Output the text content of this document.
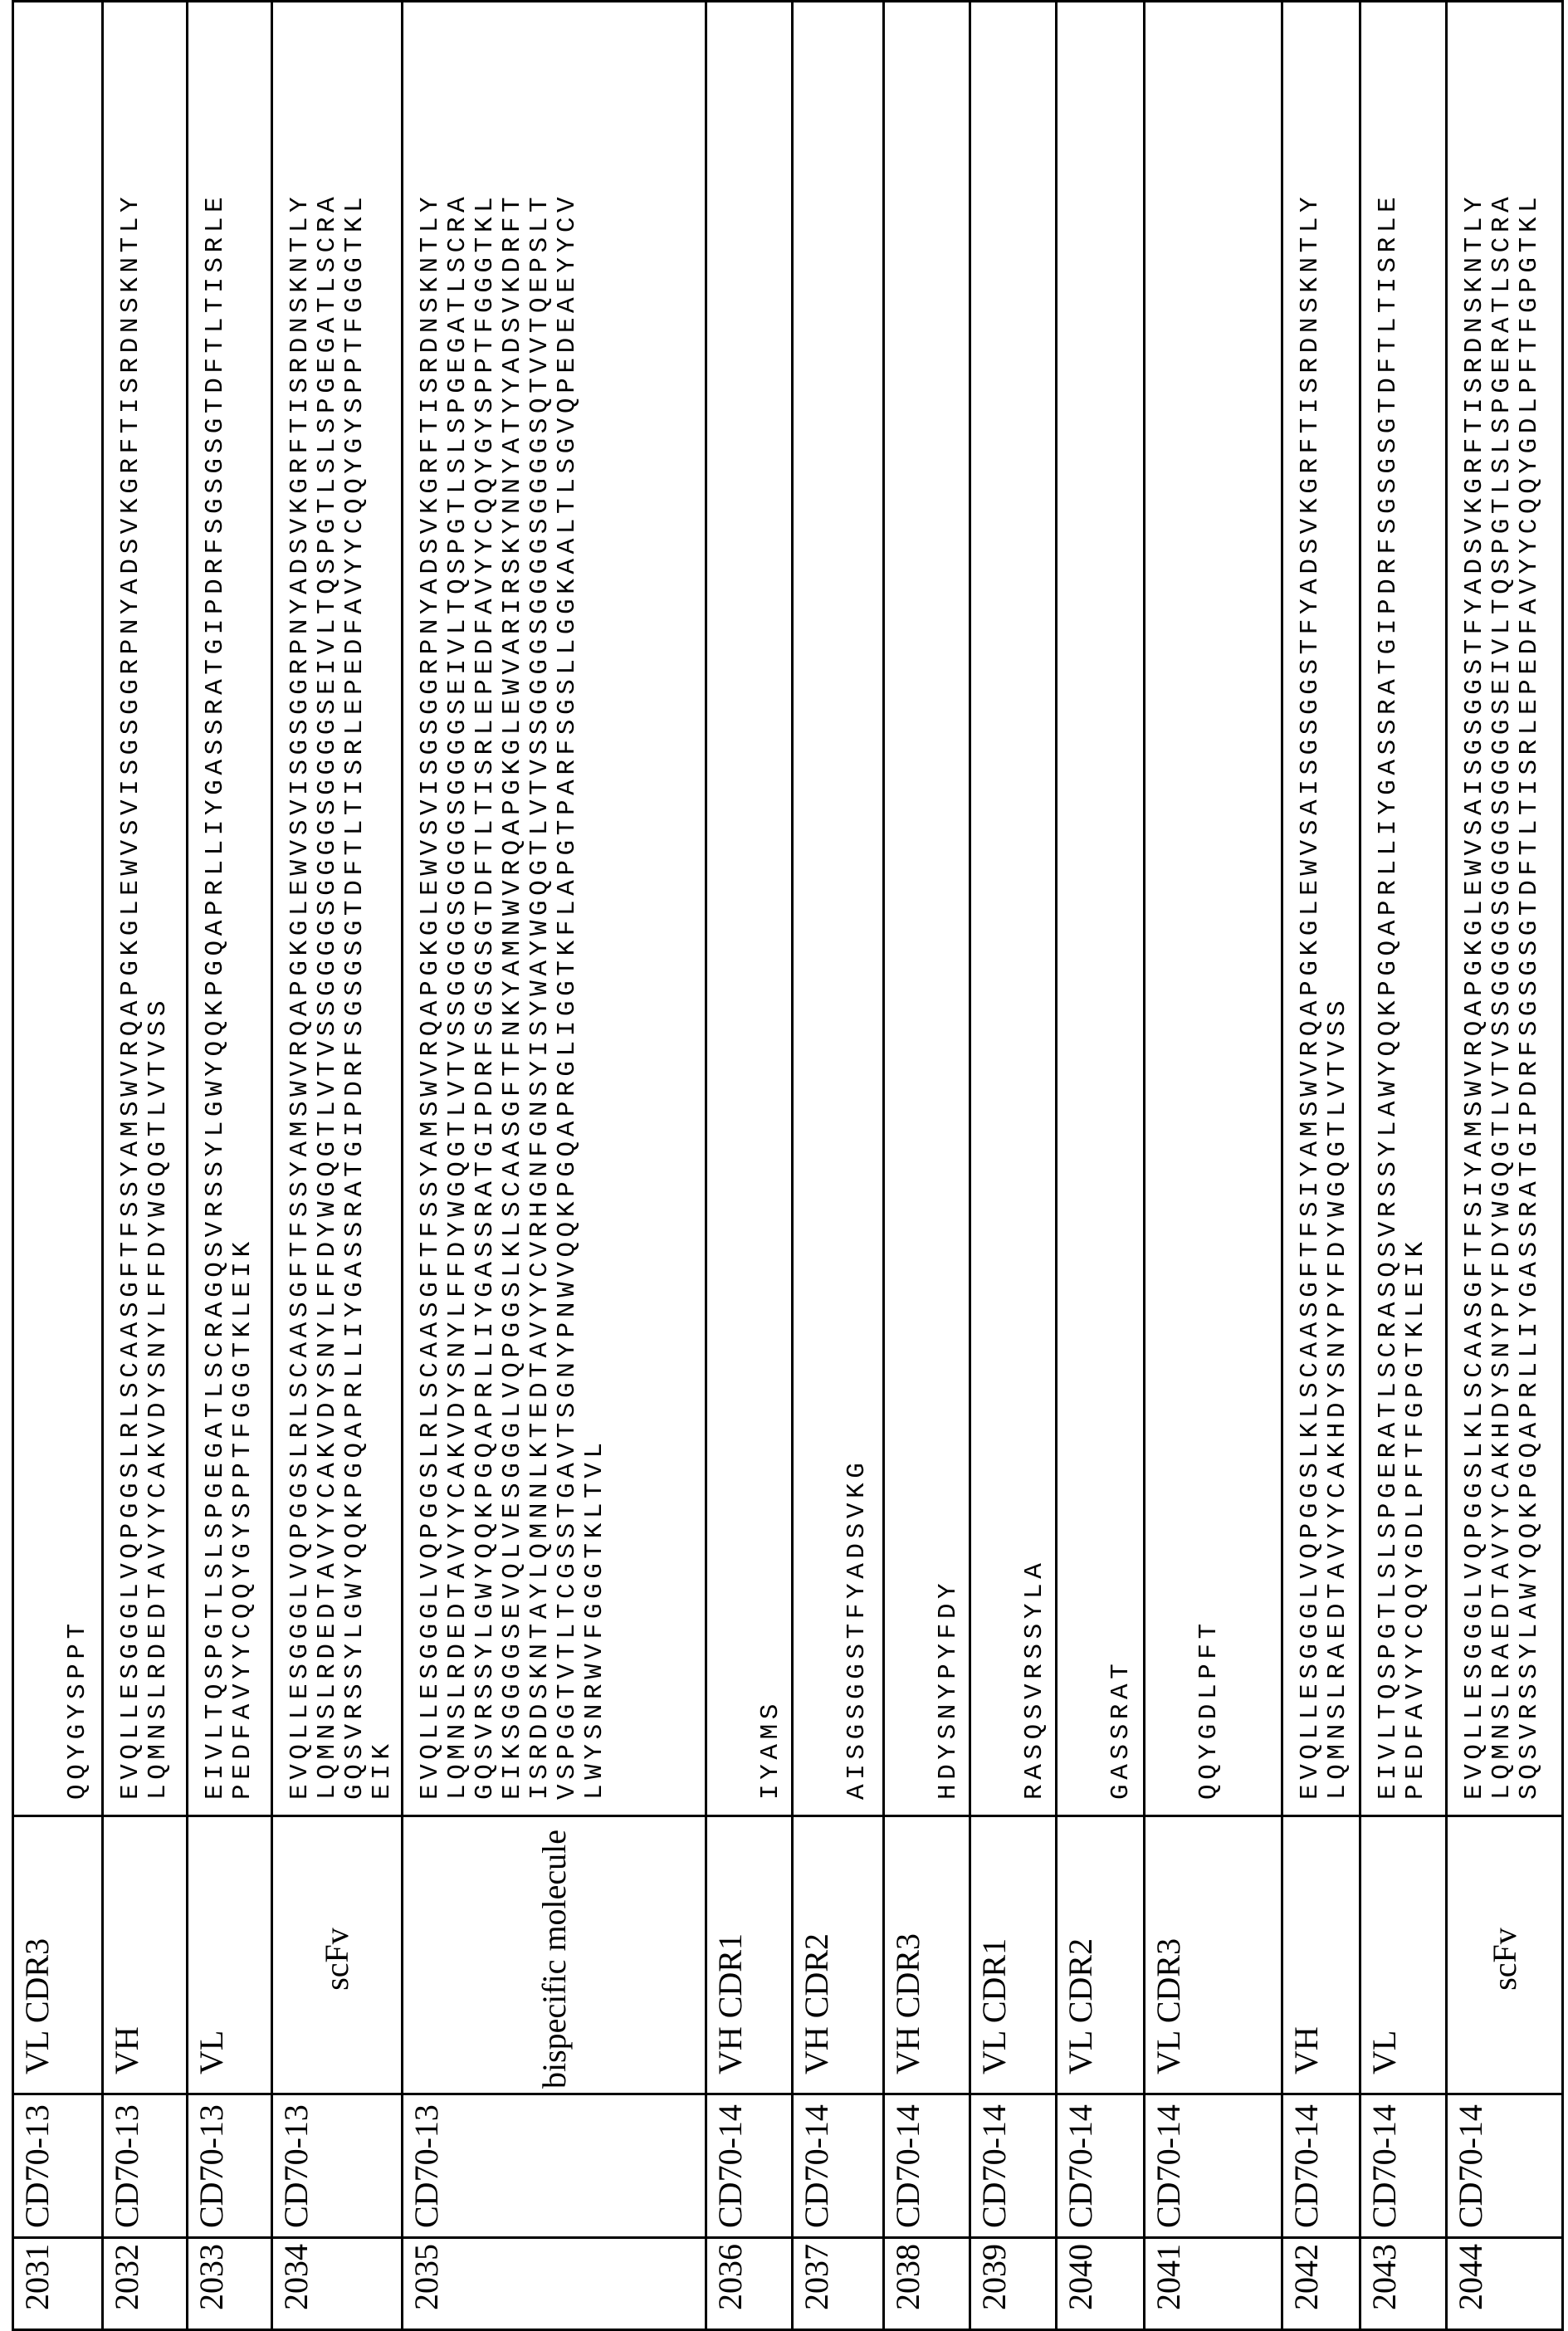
2031	CD70-13	VL CDR3	
QQYGYSPPT

2032	CD70-13	VH	
EVQLLESGGGLVQPGGSLRLSCAASGFTFSSYAMSWVRQAPGKGLEWVSVISGSGGRPNYADSVKGRFTISRDNSKNTLY
LQMNSLRDEDTAVYYCAKVDYSNYLFFDYWGQGTLVTVSS

2033	CD70-13	VL	
EIVLTQSPGTLSLSPGEGATLSCRAGQSVRSSYLGWYQQKPGQAPRLLIYGASSRATGIPDRFSGSGSGTDFTLTISRLE
PEDFAVYYCQQYGYSPPTFGGGTKLEIK

2034	CD70-13	scFv	
EVQLLESGGGLVQPGGSLRLSCAASGFTFSSYAMSWVRQAPGKGLEWVSVISGSGGRPNYADSVKGRFTISRDNSKNTLY
LQMNSLRDEDTAVYYCAKVDYSNYLFFDYWGQGTLVTVSSGGGGSGGGGSGGGGSEIVLTQSPGTLSLSPGEGATLSCRA
GQSVRSSYLGWYQQKPGQAPRLLIYGASSRATGIPDRFSGSGSGTDFTLTISRLEPEDFAVYYCQQYGYSPPTFGGGTKL
EIK

2035	CD70-13	bispecific molecule	
EVQLLESGGGLVQPGGSLRLSCAASGFTFSSYAMSWVRQAPGKGLEWVSVISGSGGRPNYADSVKGRFTISRDNSKNTLY
LQMNSLRDEDTAVYYCAKVDYSNYLFFDYWGQGTLVTVSSGGGGSGGGGSGGGGSEIVLTQSPGTLSLSPGEGATLSCRA
GQSVRSSYLGWYQQKPGQAPRLLIYGASSRATGIPDRFSGSGSGTDFTLTISRLEPEDFAVYYCQQYGYSPPTFGGGTKL
EIKSGGGGSEVQLVESGGGLVQPGGSLKLSCAASGFTFNKYAMNWVRQAPGKGLEWVARIRSKYNNYATYYADSVKDRFT
ISRDDSKNTAYLQMNNLKTEDTAVYYCVRHGNFGNSYISYWAYWGQGTLVTVSSGGGGSGGGGSGGGGSQTVVTQEPSLT
VSPGGTVTLTCGSSTGAVTSGNYPNWVQQKPGQAPRGLIGGTKFLAPGTPARFSGSLLGGKAALTLSGVQPEDEAEYYCV
LWYSNRWVFGGGTKLTVL

2036	CD70-14	VH CDR1	
IYAMS

2037	CD70-14	VH CDR2	
AISGSGGSTFYADSVKG

2038	CD70-14	VH CDR3	
HDYSNYPYFDY

2039	CD70-14	VL CDR1	
RASQSVRSSYLA

2040	CD70-14	VL CDR2	
GASSRAT

2041	CD70-14	VL CDR3	
QQYGDLPFT

2042	CD70-14	VH	
EVQLLESGGGLVQPGGSLKLSCAASGFTFSIYAMSWVRQAPGKGLEWVSAISGSGGSTFYADSVKGRFTISRDNSKNTLY
LQMNSLRAEDTAVYYCAKHDYSNYPYFDYWGQGTLVTVSS

2043	CD70-14	VL	
EIVLTQSPGTLSLSPGERATLSCRASQSVRSSYLAWYQQKPGQAPRLLIYGASSRATGIPDRFSGSGSGTDFTLTISRLE
PEDFAVYYCQQYGDLPFTFGPGTKLEIK

2044	CD70-14	scFv	
EVQLLESGGGLVQPGGSLKLSCAASGFTFSIYAMSWVRQAPGKGLEWVSAISGSGGSTFYADSVKGRFTISRDNSKNTLY
LQMNSLRAEDTAVYYCAKHDYSNYPYFDYWGQGTLVTVSSGGGGSGGGGSGGGGSEIVLTQSPGTLSLSPGERATLSCRA
SQSVRSSYLAWYQQKPGQAPRLLIYGASSRATGIPDRFSGSGSGTDFTLTISRLEPEDFAVYYCQQYGDLPFTFGPGTKL
